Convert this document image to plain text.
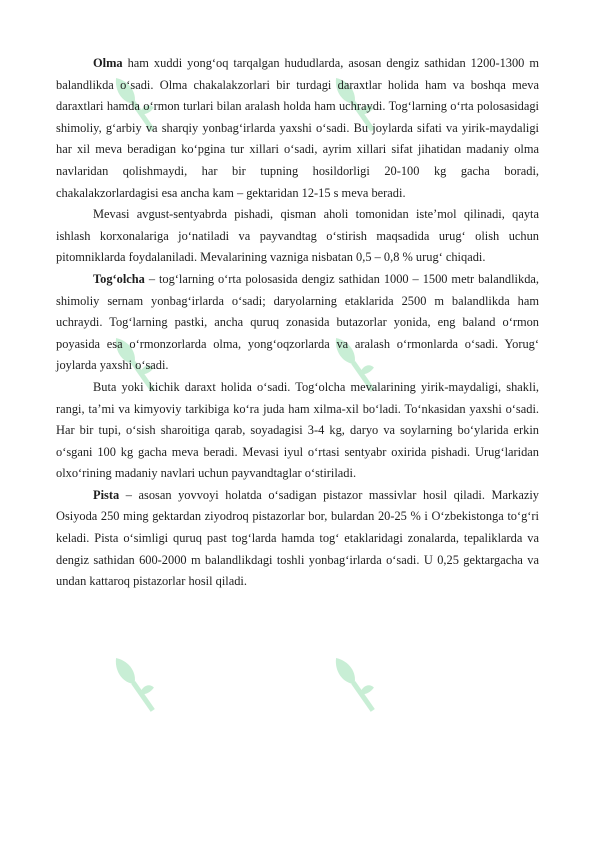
Olma ham xuddi yong‘oq tarqalgan hududlarda, asosan dengiz sathidan 1200-1300 m balandlikda o‘sadi. Olma chakalakzorlari bir turdagi daraxtlar holida ham va boshqa meva daraxtlari hamda o‘rmon turlari bilan aralash holda ham uchraydi. Tog‘larning o‘rta polosasidagi shimoliy, g‘arbiy va sharqiy yonbag‘irlarda yaxshi o‘sadi. Bu joylarda sifati va yirik-maydaligi har xil meva beradigan ko‘pgina tur xillari o‘sadi, ayrim xillari sifat jihatidan madaniy olma navlaridan qolishmaydi, har bir tupning hosildorligi 20-100 kg gacha boradi, chakalakzorlardagisi esa ancha kam – gektaridan 12-15 s meva beradi.

Mevasi avgust-sentyabrda pishadi, qisman aholi tomonidan iste’mol qilinadi, qayta ishlash korxonalariga jo‘natiladi va payvandtag o‘stirish maqsadida urug‘ olish uchun pitomniklarda foydalaniladi. Mevalarining vazniga nisbatan 0,5 – 0,8 % urug‘ chiqadi.

Tog‘olcha – tog‘larning o‘rta polosasida dengiz sathidan 1000 – 1500 metr balandlikda, shimoliy sernam yonbag‘irlarda o‘sadi; daryolarning etaklarida 2500 m balandlikda ham uchraydi. Tog‘larning pastki, ancha quruq zonasida butazorlar yonida, eng baland o‘rmon poyasida esa o‘rmonzorlarda olma, yong‘oqzorlarda va aralash o‘rmonlarda o‘sadi. Yorug‘ joylarda yaxshi o‘sadi.

Buta yoki kichik daraxt holida o‘sadi. Tog‘olcha mevalarining yirik-maydaligi, shakli, rangi, ta’mi va kimyoviy tarkibiga ko‘ra juda ham xilma-xil bo‘ladi. To‘nkasidan yaxshi o‘sadi. Har bir tupi, o‘sish sharoitiga qarab, soyadagisi 3-4 kg, daryo va soylarning bo‘ylarida erkin o‘sgani 100 kg gacha meva beradi. Mevasi iyul o‘rtasi sentyabr oxirida pishadi. Urug‘laridan olxo‘rining madaniy navlari uchun payvandtaglar o‘stiriladi.

Pista – asosan yovvoyi holatda o‘sadigan pistazor massivlar hosil qiladi. Markaziy Osiyoda 250 ming gektardan ziyodroq pistazorlar bor, bulardan 20-25 % i O‘zbekistonga to‘g‘ri keladi. Pista o‘simligi quruq past tog‘larda hamda tog‘ etaklaridagi zonalarda, tepaliklarda va dengiz sathidan 600-2000 m balandlikdagi toshli yonbag‘irlarda o‘sadi. U 0,25 gektargacha va undan kattaroq pistazorlar hosil qiladi.
